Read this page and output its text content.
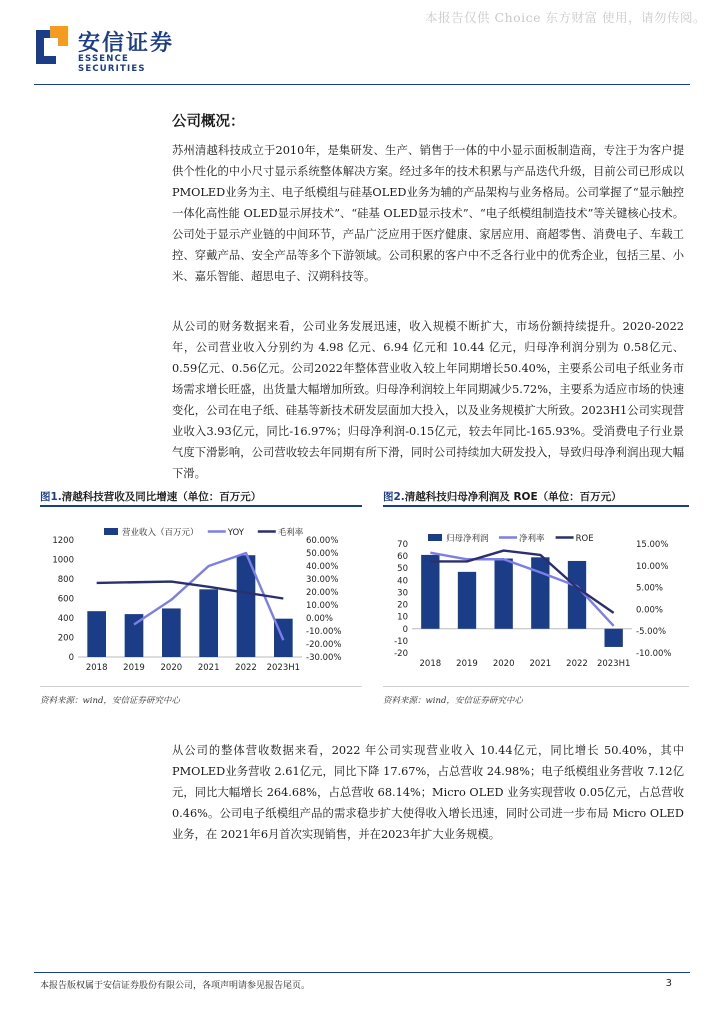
本报告仅供 Choice 东方财富 使用，请勿传阅。
安信证券
ESSENCE SECURITIES
公司概况：

苏州清越科技成立于2010年，是集研发、生产、销售于一体的中小显示面板制造商，专注于为客户提供个性化的中小尺寸显示系统整体解决方案。经过多年的技术积累与产品迭代升级，目前公司已形成以PMOLED业务为主、电子纸模组与硅基OLED业务为辅的产品架构与业务格局。公司掌握了“显示触控一体化高性能 OLED显示屏技术”、“硅基 OLED显示技术”、“电子纸模组制造技术”等关键核心技术。公司处于显示产业链的中间环节，产品广泛应用于医疗健康、家居应用、商超零售、消费电子、车载工控、穿戴产品、安全产品等多个下游领域。公司积累的客户中不乏各行业中的优秀企业，包括三星、小米、嘉乐智能、超思电子、汉朔科技等。

从公司的财务数据来看，公司业务发展迅速，收入规模不断扩大，市场份额持续提升。2020-2022 年，公司营业收入分别约为 4.98 亿元、6.94 亿元和 10.44 亿元，归母净利润分别为 0.58亿元、0.59亿元、0.56亿元。公司2022年整体营业收入较上年同期增长50.40%，主要系公司电子纸业务市场需求增长旺盛，出货量大幅增加所致。归母净利润较上年同期减少5.72%，主要系为适应市场的快速变化，公司在电子纸、硅基等新技术研发层面加大投入，以及业务规模扩大所致。2023H1公司实现营业收入3.93亿元，同比-16.97%；归母净利润-0.15亿元，较去年同比-165.93%。受消费电子行业景气度下滑影响，公司营收较去年同期有所下滑，同时公司持续加大研发投入，导致归母净利润出现大幅下滑。

图1.清越科技营收及同比增速（单位：百万元）	图2.清越科技归母净利润及 ROE（单位：百万元）
0
200
400
600
800
1000
1200
-30.00%
-20.00%
-10.00%
0.00%
10.00%
20.00%
30.00%
40.00%
50.00%
60.00%
2018 2019 2020 2021 2022 2023H1
营业收入（百万元）	YOY	毛利率
-20
-10
0
10
20
30
40
50
60
70
-10.00%
-5.00%
0.00%
5.00%
10.00%
15.00%
2018 2019 2020 2021 2022 2023H1
归母净利润	净利率	ROE
资料来源：wind，安信证券研究中心	资料来源：wind，安信证券研究中心

从公司的整体营收数据来看，2022 年公司实现营业收入 10.44亿元，同比增长 50.40%，其中 PMOLED业务营收 2.61亿元，同比下降 17.67%，占总营收 24.98%；电子纸模组业务营收 7.12亿元，同比大幅增长 264.68%，占总营收 68.14%；Micro OLED 业务实现营收 0.05亿元，占总营收 0.46%。公司电子纸模组产品的需求稳步扩大使得收入增长迅速，同时公司进一步布局 Micro OLED业务，在 2021年6月首次实现销售，并在2023年扩大业务规模。

本报告版权属于安信证券股份有限公司，各项声明请参见报告尾页。	3
